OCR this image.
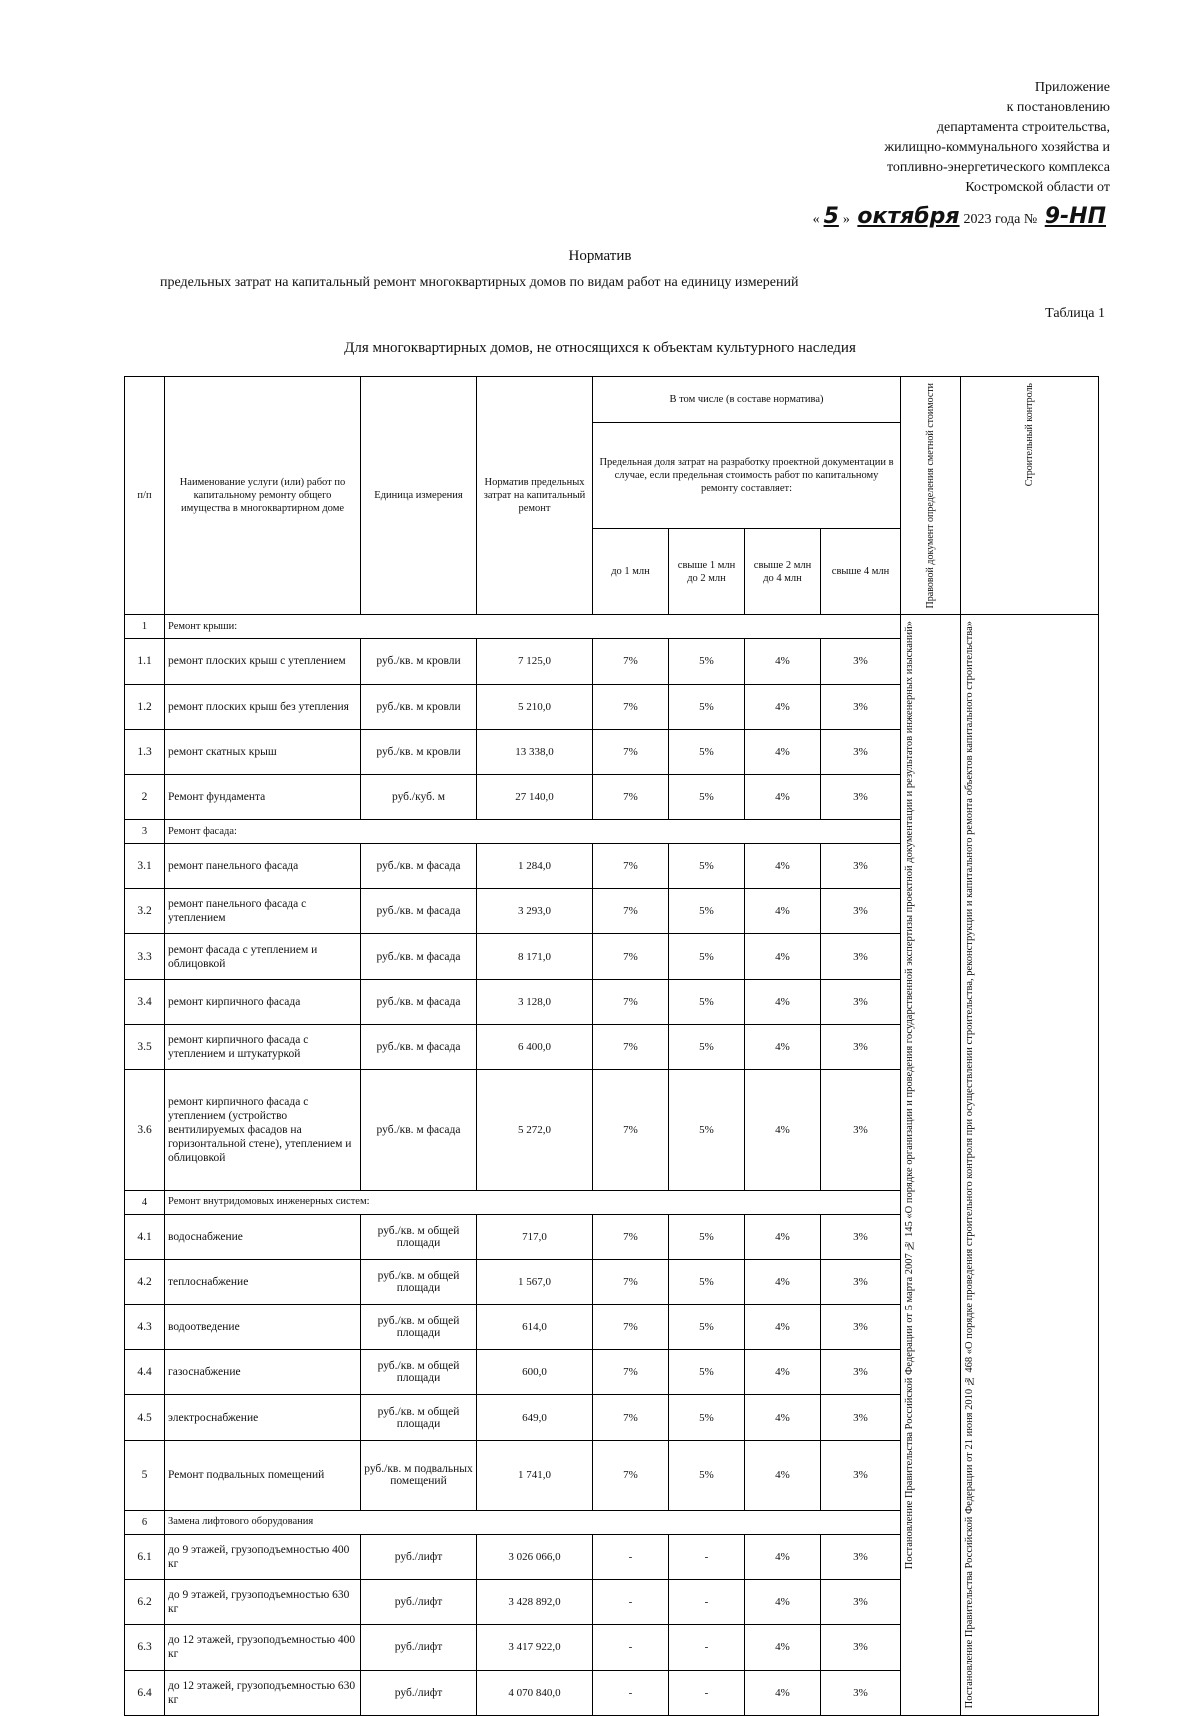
Приложение
к постановлению
департамента строительства,
жилищно-коммунального хозяйства и
топливно-энергетического комплекса
Костромской области от
« 5 » октября 2023 года № 9-НП
Норматив
предельных затрат на капитальный ремонт многоквартирных домов по видам работ на единицу измерений
Таблица 1
Для многоквартирных домов, не относящихся к объектам культурного наследия
п/п	Наименование услуги (или) работ по капитальному ремонту общего имущества в многоквартирном доме	Единица измерения	Норматив предельных затрат на капитальный ремонт	В том числе (в составе норматива)				Правовой документ определения сметной стоимости	Строительный контроль

				Предельная доля затрат на разработку проектной документации в случае, если предельная стоимость работ по капитальному ремонту составляет:					
				до 1 млн	свыше 1 млн до 2 млн	свыше 2 млн до 4 млн	свыше 4 млн		
1	Ремонт крыши:							Постановление Правительства Российской Федерации от 5 марта 2007 № 145 «О порядке организации и проведения государственной экспертизы проектной документации и результатов инженерных изысканий»	Постановление Правительства Российской Федерации от 21 июня 2010 № 468 «О порядке проведения строительного контроля при осуществлении строительства, реконструкции и капитального ремонта объектов капитального строительства»

1.1	ремонт плоских крыш с утеплением	руб./кв. м кровли	7 125,0	7%	5%	4%	3%		
1.2	ремонт плоских крыш без утепления	руб./кв. м кровли	5 210,0	7%	5%	4%	3%		
1.3	ремонт скатных крыш	руб./кв. м кровли	13 338,0	7%	5%	4%	3%		
2	Ремонт фундамента	руб./куб. м	27 140,0	7%	5%	4%	3%		
3	Ремонт фасада:								
3.1	ремонт панельного фасада	руб./кв. м фасада	1 284,0	7%	5%	4%	3%		
3.2	ремонт панельного фасада с утеплением	руб./кв. м фасада	3 293,0	7%	5%	4%	3%		
3.3	ремонт фасада с утеплением и облицовкой	руб./кв. м фасада	8 171,0	7%	5%	4%	3%		
3.4	ремонт кирпичного фасада	руб./кв. м фасада	3 128,0	7%	5%	4%	3%		
3.5	ремонт кирпичного фасада с утеплением и штукатуркой	руб./кв. м фасада	6 400,0	7%	5%	4%	3%		
3.6	ремонт кирпичного фасада с утеплением (устройство вентилируемых фасадов на горизонтальной стене), утеплением и облицовкой	руб./кв. м фасада	5 272,0	7%	5%	4%	3%		
4	Ремонт внутридомовых инженерных систем:								
4.1	водоснабжение	руб./кв. м общей площади	717,0	7%	5%	4%	3%		
4.2	теплоснабжение	руб./кв. м общей площади	1 567,0	7%	5%	4%	3%		
4.3	водоотведение	руб./кв. м общей площади	614,0	7%	5%	4%	3%		
4.4	газоснабжение	руб./кв. м общей площади	600,0	7%	5%	4%	3%		
4.5	электроснабжение	руб./кв. м общей площади	649,0	7%	5%	4%	3%		
5	Ремонт подвальных помещений	руб./кв. м подвальных помещений	1 741,0	7%	5%	4%	3%		
6	Замена лифтового оборудования								
6.1	до 9 этажей, грузоподъемностью 400 кг	руб./лифт	3 026 066,0	-	-	4%	3%		
6.2	до 9 этажей, грузоподъемностью 630 кг	руб./лифт	3 428 892,0	-	-	4%	3%		
6.3	до 12 этажей, грузоподъемностью 400 кг	руб./лифт	3 417 922,0	-	-	4%	3%		
6.4	до 12 этажей, грузоподъемностью 630 кг	руб./лифт	4 070 840,0	-	-	4%	3%		
